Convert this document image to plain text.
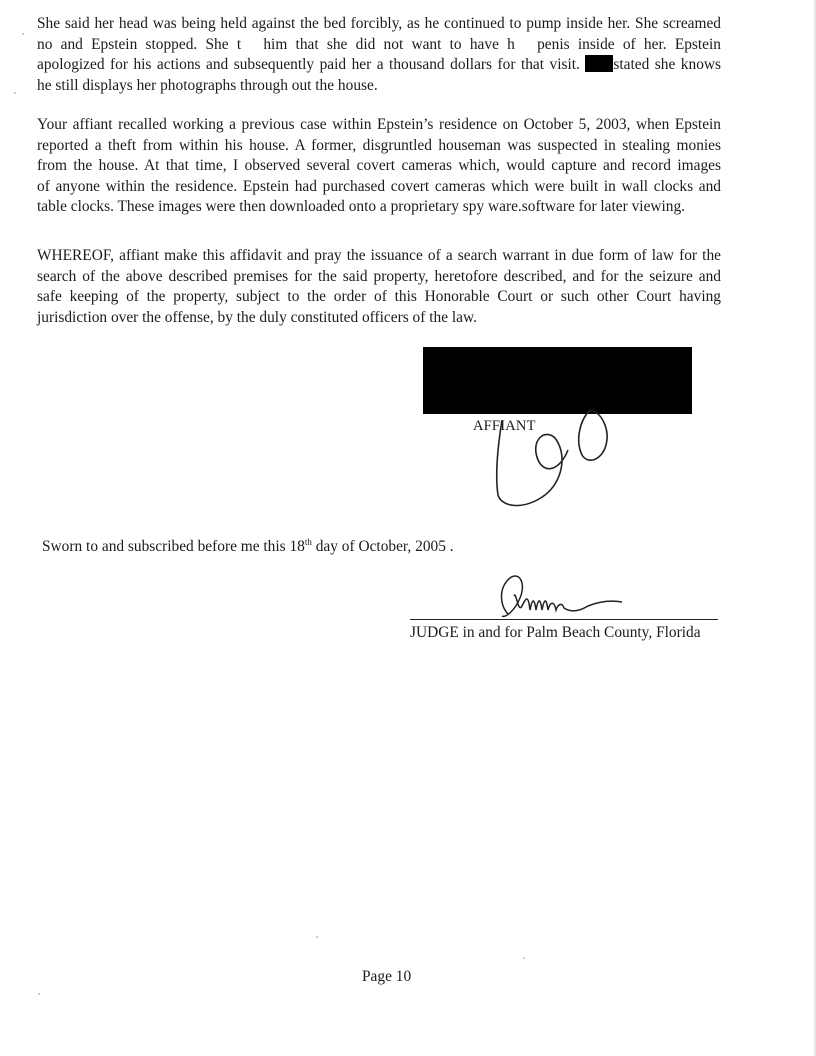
She said her head was being held against the bed forcibly, as he continued to pump inside her. She screamed
no and Epstein stopped. She t him that she did not want to have h penis inside of her. Epstein
apologized for his actions and subsequently paid her a thousand dollars for that visit. stated she knows
he still displays her photographs through out the house.
Your affiant recalled working a previous case within Epstein’s residence on October 5, 2003, when Epstein
reported a theft from within his house. A former, disgruntled houseman was suspected in stealing monies
from the house. At that time, I observed several covert cameras which, would capture and record images
of anyone within the residence. Epstein had purchased covert cameras which were built in wall clocks and
table clocks. These images were then downloaded onto a proprietary spy ware.software for later viewing.
WHEREOF, affiant make this affidavit and pray the issuance of a search warrant in due form of law for the
search of the above described premises for the said property, heretofore described, and for the seizure and
safe keeping of the property, subject to the order of this Honorable Court or such other Court having
jurisdiction over the offense, by the duly constituted officers of the law.
AFFIANT
Sworn to and subscribed before me this 18th day of October, 2005 .
JUDGE in and for Palm Beach County, Florida
Page 10
